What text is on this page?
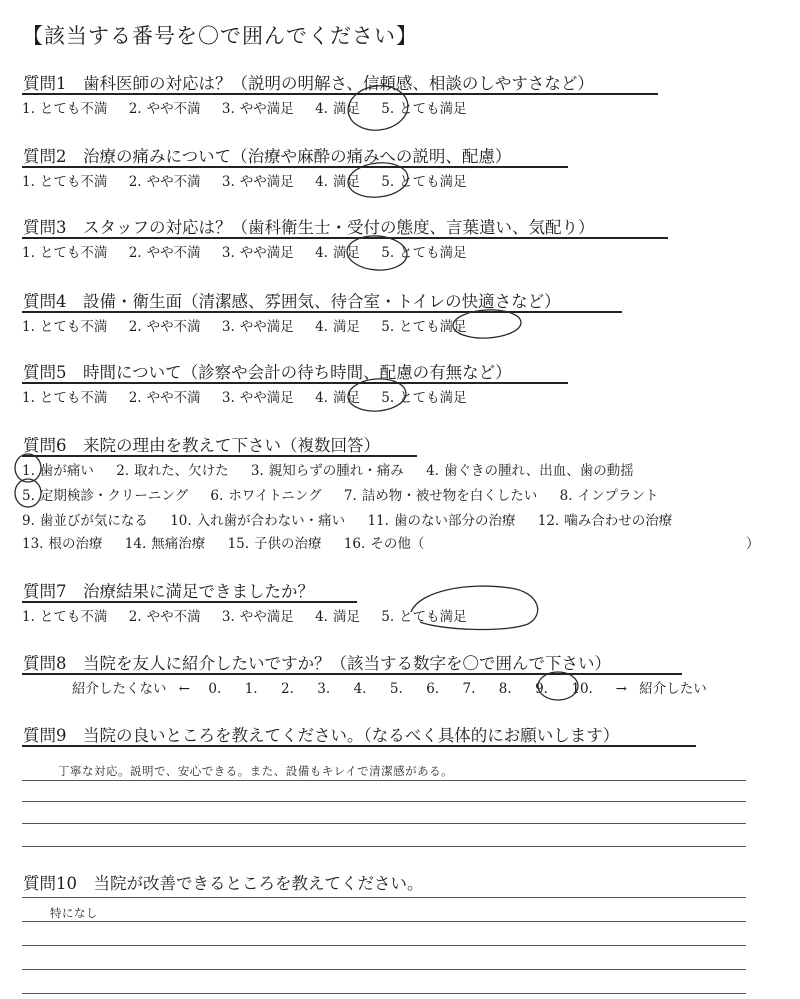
【該当する番号を〇で囲んでください】
質問1　歯科医師の対応は？（説明の明解さ、信頼感、相談のしやすさなど）
1. とても不満 2. やや不満 3. やや満足 4. 満足 5. とても満足
質問2　治療の痛みについて（治療や麻酔の痛みへの説明、配慮）
1. とても不満 2. やや不満 3. やや満足 4. 満足 5. とても満足
質問3　スタッフの対応は？（歯科衛生士・受付の態度、言葉遣い、気配り）
1. とても不満 2. やや不満 3. やや満足 4. 満足 5. とても満足
質問4　設備・衛生面（清潔感、雰囲気、待合室・トイレの快適さなど）
1. とても不満 2. やや不満 3. やや満足 4. 満足 5. とても満足
質問5　時間について（診察や会計の待ち時間、配慮の有無など）
1. とても不満 2. やや不満 3. やや満足 4. 満足 5. とても満足
質問6　来院の理由を教えて下さい（複数回答）
1. 歯が痛い 2. 取れた、欠けた 3. 親知らずの腫れ・痛み 4. 歯ぐきの腫れ、出血、歯の動揺
5. 定期検診・クリーニング 6. ホワイトニング 7. 詰め物・被せ物を白くしたい 8. インプラント
9. 歯並びが気になる 10. 入れ歯が合わない・痛い 11. 歯のない部分の治療 12. 噛み合わせの治療
13. 根の治療 14. 無痛治療 15. 子供の治療 16. その他（	）
質問7　治療結果に満足できましたか？
1. とても不満 2. やや不満 3. やや満足 4. 満足 5. とても満足
質問8　当院を友人に紹介したいですか？（該当する数字を〇で囲んで下さい）
紹介したくない ← 0. 1. 2. 3. 4. 5. 6. 7. 8. 9. 10. → 紹介したい
質問9　当院の良いところを教えてください。（なるべく具体的にお願いします）
丁寧な対応。説明で、安心できる。また、設備もキレイで清潔感がある。
質問10　当院が改善できるところを教えてください。
特になし
